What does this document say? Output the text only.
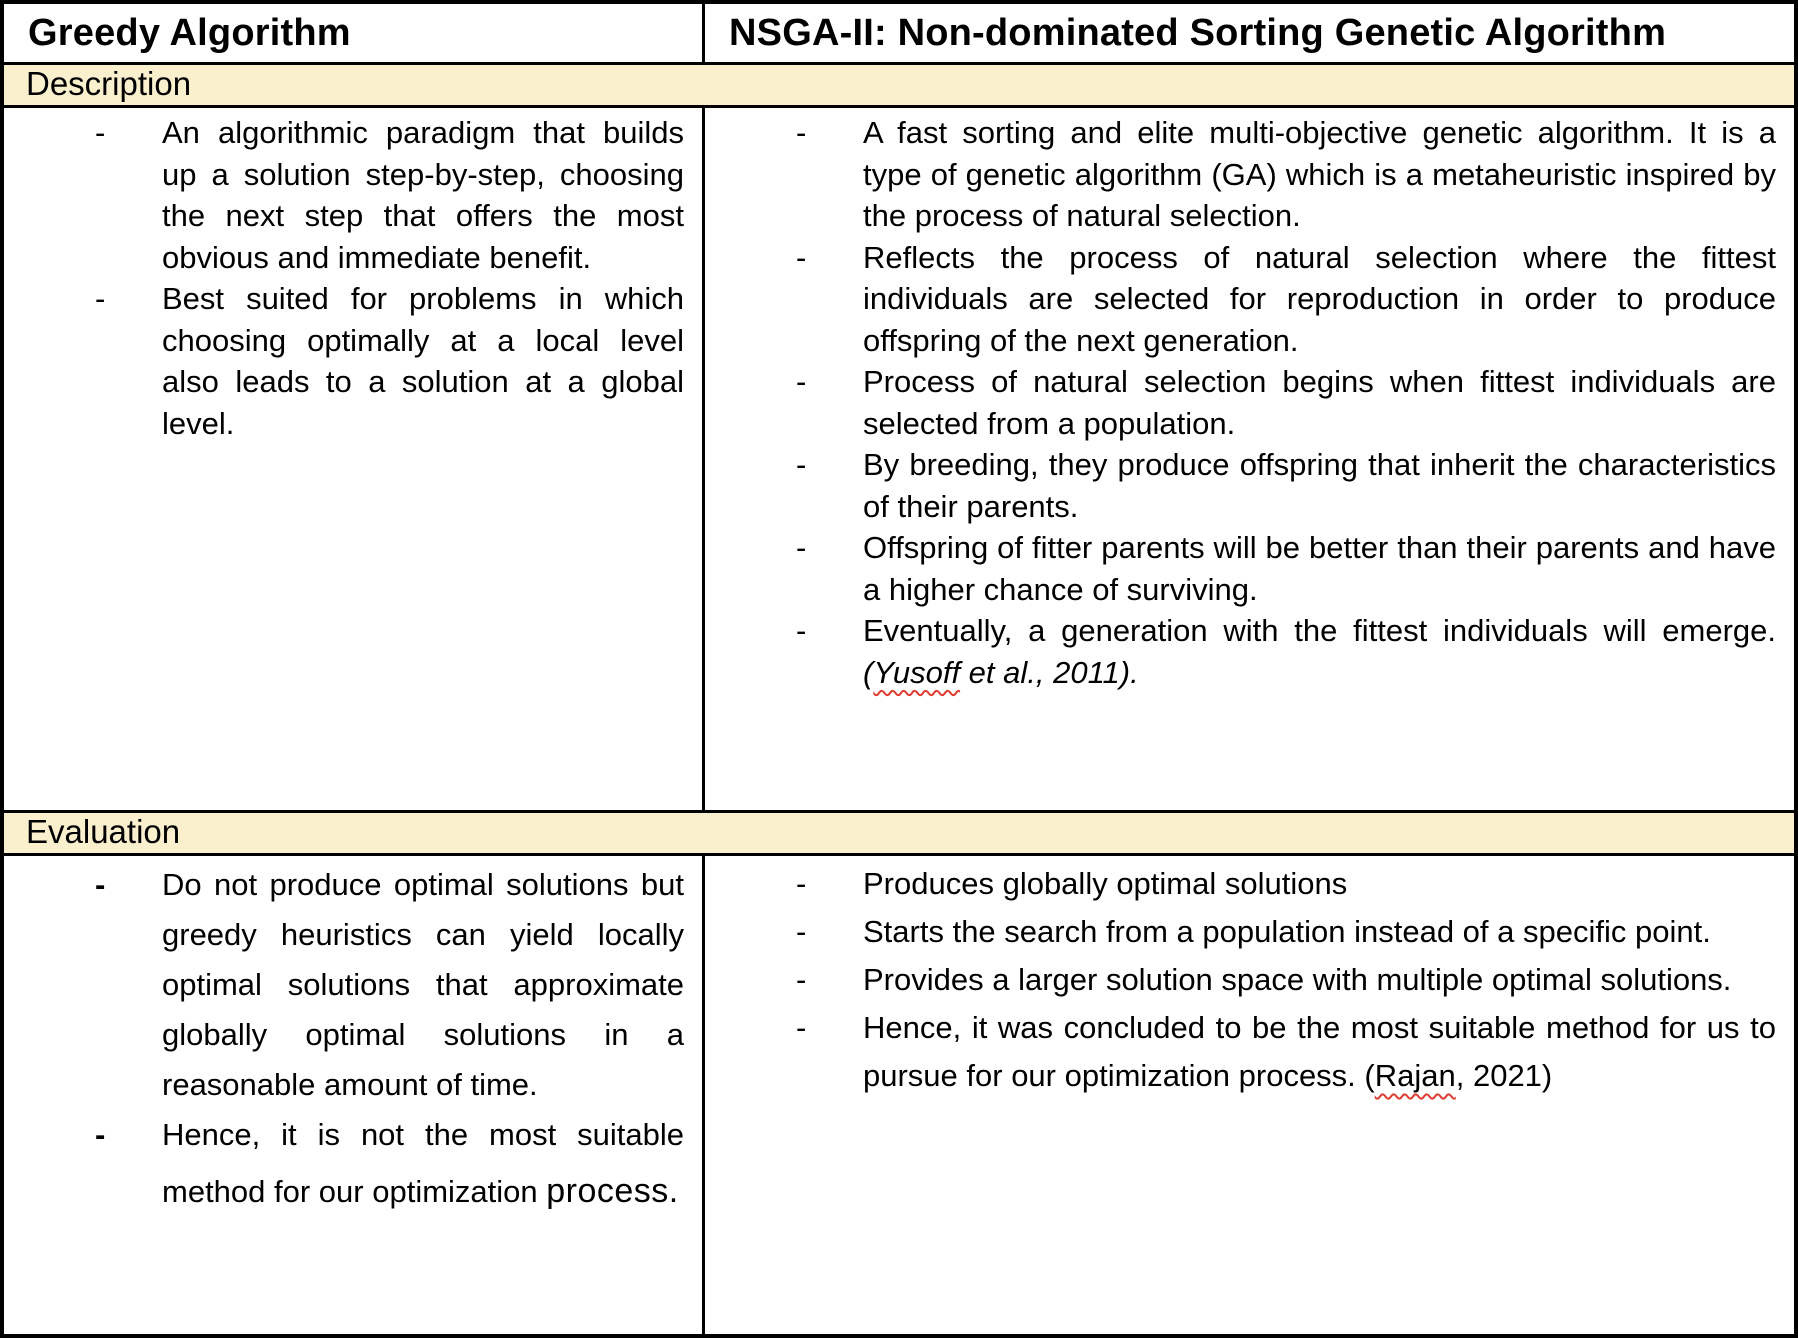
Greedy Algorithm	NSGA-II: Non-dominated Sorting Genetic Algorithm
Description
- An algorithmic paradigm that builds up a solution step-by-step, choosing the next step that offers the most obvious and immediate benefit.
- Best suited for problems in which choosing optimally at a local level also leads to a solution at a global level.
- A fast sorting and elite multi-objective genetic algorithm. It is a type of genetic algorithm (GA) which is a metaheuristic inspired by the process of natural selection.
- Reflects the process of natural selection where the fittest individuals are selected for reproduction in order to produce offspring of the next generation.
- Process of natural selection begins when fittest individuals are selected from a population.
- By breeding, they produce offspring that inherit the characteristics of their parents.
- Offspring of fitter parents will be better than their parents and have a higher chance of surviving.
- Eventually, a generation with the fittest individuals will emerge. (Yusoff et al., 2011).
Evaluation
- Do not produce optimal solutions but greedy heuristics can yield locally optimal solutions that approximate globally optimal solutions in a reasonable amount of time.
- Hence, it is not the most suitable method for our optimization process.
- Produces globally optimal solutions
- Starts the search from a population instead of a specific point.
- Provides a larger solution space with multiple optimal solutions.
- Hence, it was concluded to be the most suitable method for us to pursue for our optimization process. (Rajan, 2021)
